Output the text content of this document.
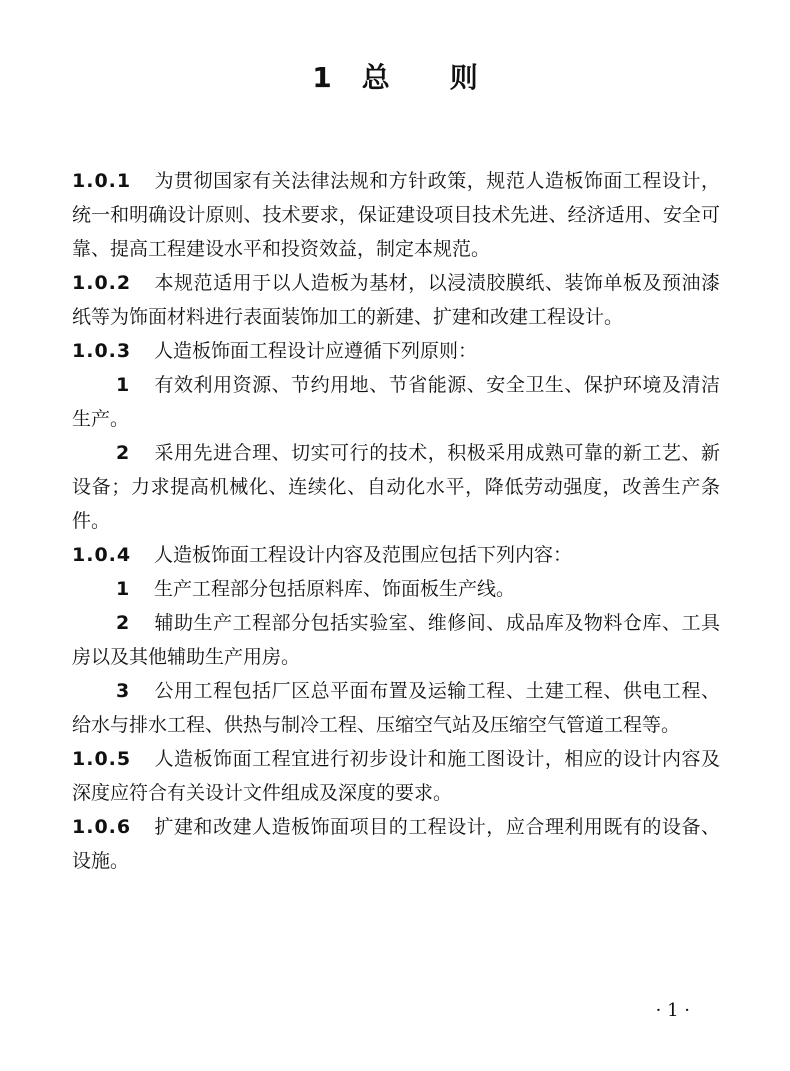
1 总 则

1.0.1 为贯彻国家有关法律法规和方针政策，规范人造板饰面工程设计，统一和明确设计原则、技术要求，保证建设项目技术先进、经济适用、安全可靠、提高工程建设水平和投资效益，制定本规范。

1.0.2 本规范适用于以人造板为基材，以浸渍胶膜纸、装饰单板及预油漆纸等为饰面材料进行表面装饰加工的新建、扩建和改建工程设计。

1.0.3 人造板饰面工程设计应遵循下列原则：

1 有效利用资源、节约用地、节省能源、安全卫生、保护环境及清洁生产。

2 采用先进合理、切实可行的技术，积极采用成熟可靠的新工艺、新设备；力求提高机械化、连续化、自动化水平，降低劳动强度，改善生产条件。

1.0.4 人造板饰面工程设计内容及范围应包括下列内容：

1 生产工程部分包括原料库、饰面板生产线。

2 辅助生产工程部分包括实验室、维修间、成品库及物料仓库、工具房以及其他辅助生产用房。

3 公用工程包括厂区总平面布置及运输工程、土建工程、供电工程、给水与排水工程、供热与制冷工程、压缩空气站及压缩空气管道工程等。

1.0.5 人造板饰面工程宜进行初步设计和施工图设计，相应的设计内容及深度应符合有关设计文件组成及深度的要求。

1.0.6 扩建和改建人造板饰面项目的工程设计，应合理利用既有的设备、设施。

· 1 ·
